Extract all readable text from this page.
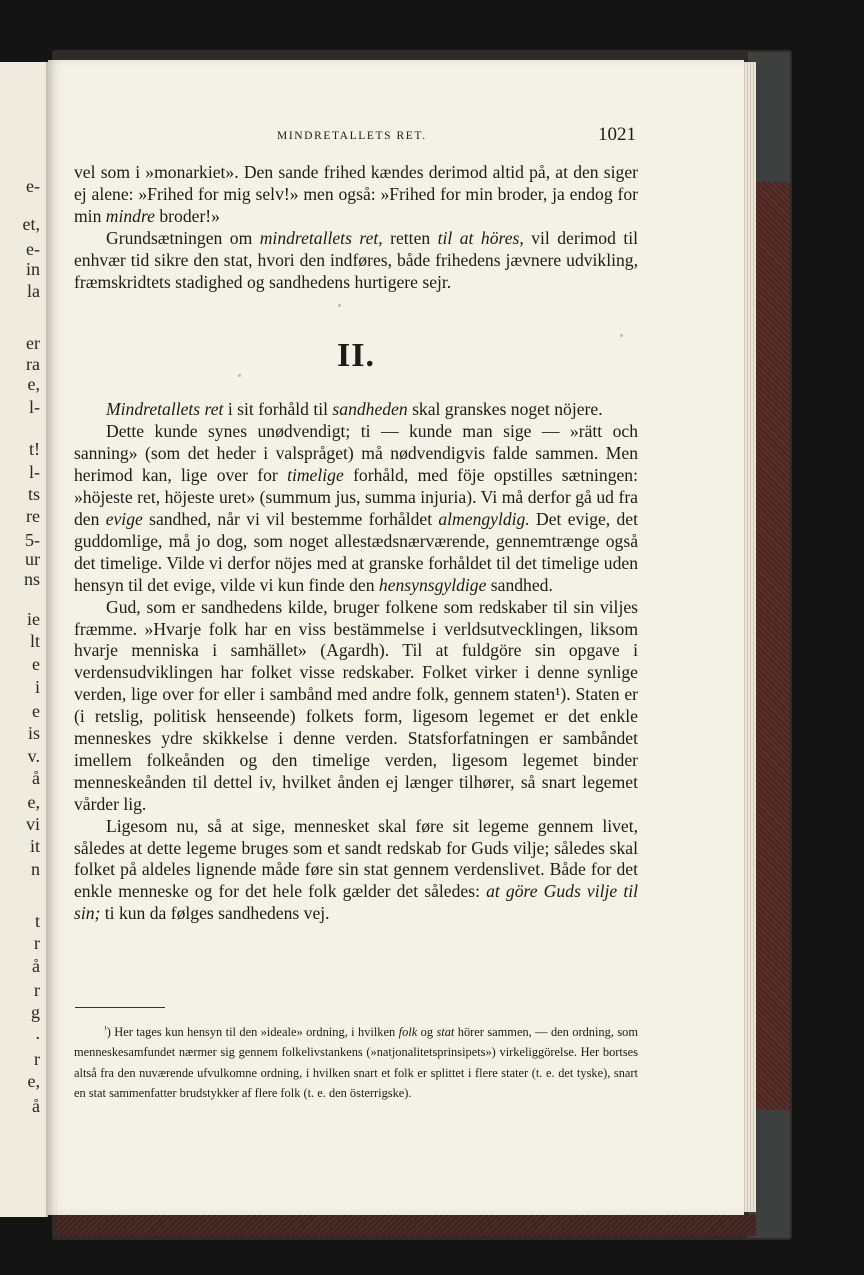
e-
et,
e-
in
la
er
ra
e,
l-
t!
l-
ts
re
5-
ur
ns
ie
lt
e
i
e
is
v.
å
e,
vi
it
n
t
r
å
r
g
.
r
e,
å
MINDRETALLETS RET.	1021

vel som i »monarkiet». Den sande frihed kændes derimod altid på, at den siger ej alene: »Frihed for mig selv!» men også: »Frihed for min broder, ja endog for min mindre broder!»

Grundsætningen om mindretallets ret, retten til at höres, vil derimod til enhvær tid sikre den stat, hvori den indføres, både frihedens jævnere udvikling, fræmskridtets stadighed og sandhedens hurtigere sejr.

II.

Mindretallets ret i sit forhåld til sandheden skal granskes noget nöjere.

Dette kunde synes unødvendigt; ti — kunde man sige — »rätt och sanning» (som det heder i valspråget) må nødvendigvis falde sammen. Men herimod kan, lige over for timelige forhåld, med föje opstilles sætningen: »höjeste ret, höjeste uret» (summum jus, summa injuria). Vi må derfor gå ud fra den evige sandhed, når vi vil bestemme forhåldet almengyldig. Det evige, det guddomlige, må jo dog, som noget allestædsnærværende, gennemtrænge også det timelige. Vilde vi derfor nöjes med at granske forhåldet til det timelige uden hensyn til det evige, vilde vi kun finde den hensynsgyldige sandhed.

Gud, som er sandhedens kilde, bruger folkene som redskaber til sin viljes fræmme. »Hvarje folk har en viss bestämmelse i verldsutvecklingen, liksom hvarje menniska i samhället» (Agardh). Til at fuldgöre sin opgave i verdensudviklingen har folket visse redskaber. Folket virker i denne synlige verden, lige over for eller i sambånd med andre folk, gennem staten¹). Staten er (i retslig, politisk henseende) folkets form, ligesom legemet er det enkle menneskes ydre skikkelse i denne verden. Statsforfatningen er sambåndet imellem folkeånden og den timelige verden, ligesom legemet binder menneskeånden til dettel iv, hvilket ånden ej længer tilhører, så snart legemet vårder lig.

Ligesom nu, så at sige, mennesket skal føre sit legeme gennem livet, således at dette legeme bruges som et sandt redskab for Guds vilje; således skal folket på aldeles lignende måde føre sin stat gennem verdenslivet. Både for det enkle menneske og for det hele folk gælder det således: at göre Guds vilje til sin; ti kun da følges sandhedens vej.

$^{^1}$) Her tages kun hensyn til den »ideale» ordning, i hvilken folk og stat hörer sammen, — den ordning, som menneskesamfundet nærmer sig gennem folkelivstankens (»natjonalitetsprinsipets») virkeliggörelse. Her bortses altså fra den nuværende ufvulkomne ordning, i hvilken snart et folk er splittet i flere stater (t. e. det tyske), snart en stat sammenfatter brudstykker af flere folk (t. e. den österrigske).
